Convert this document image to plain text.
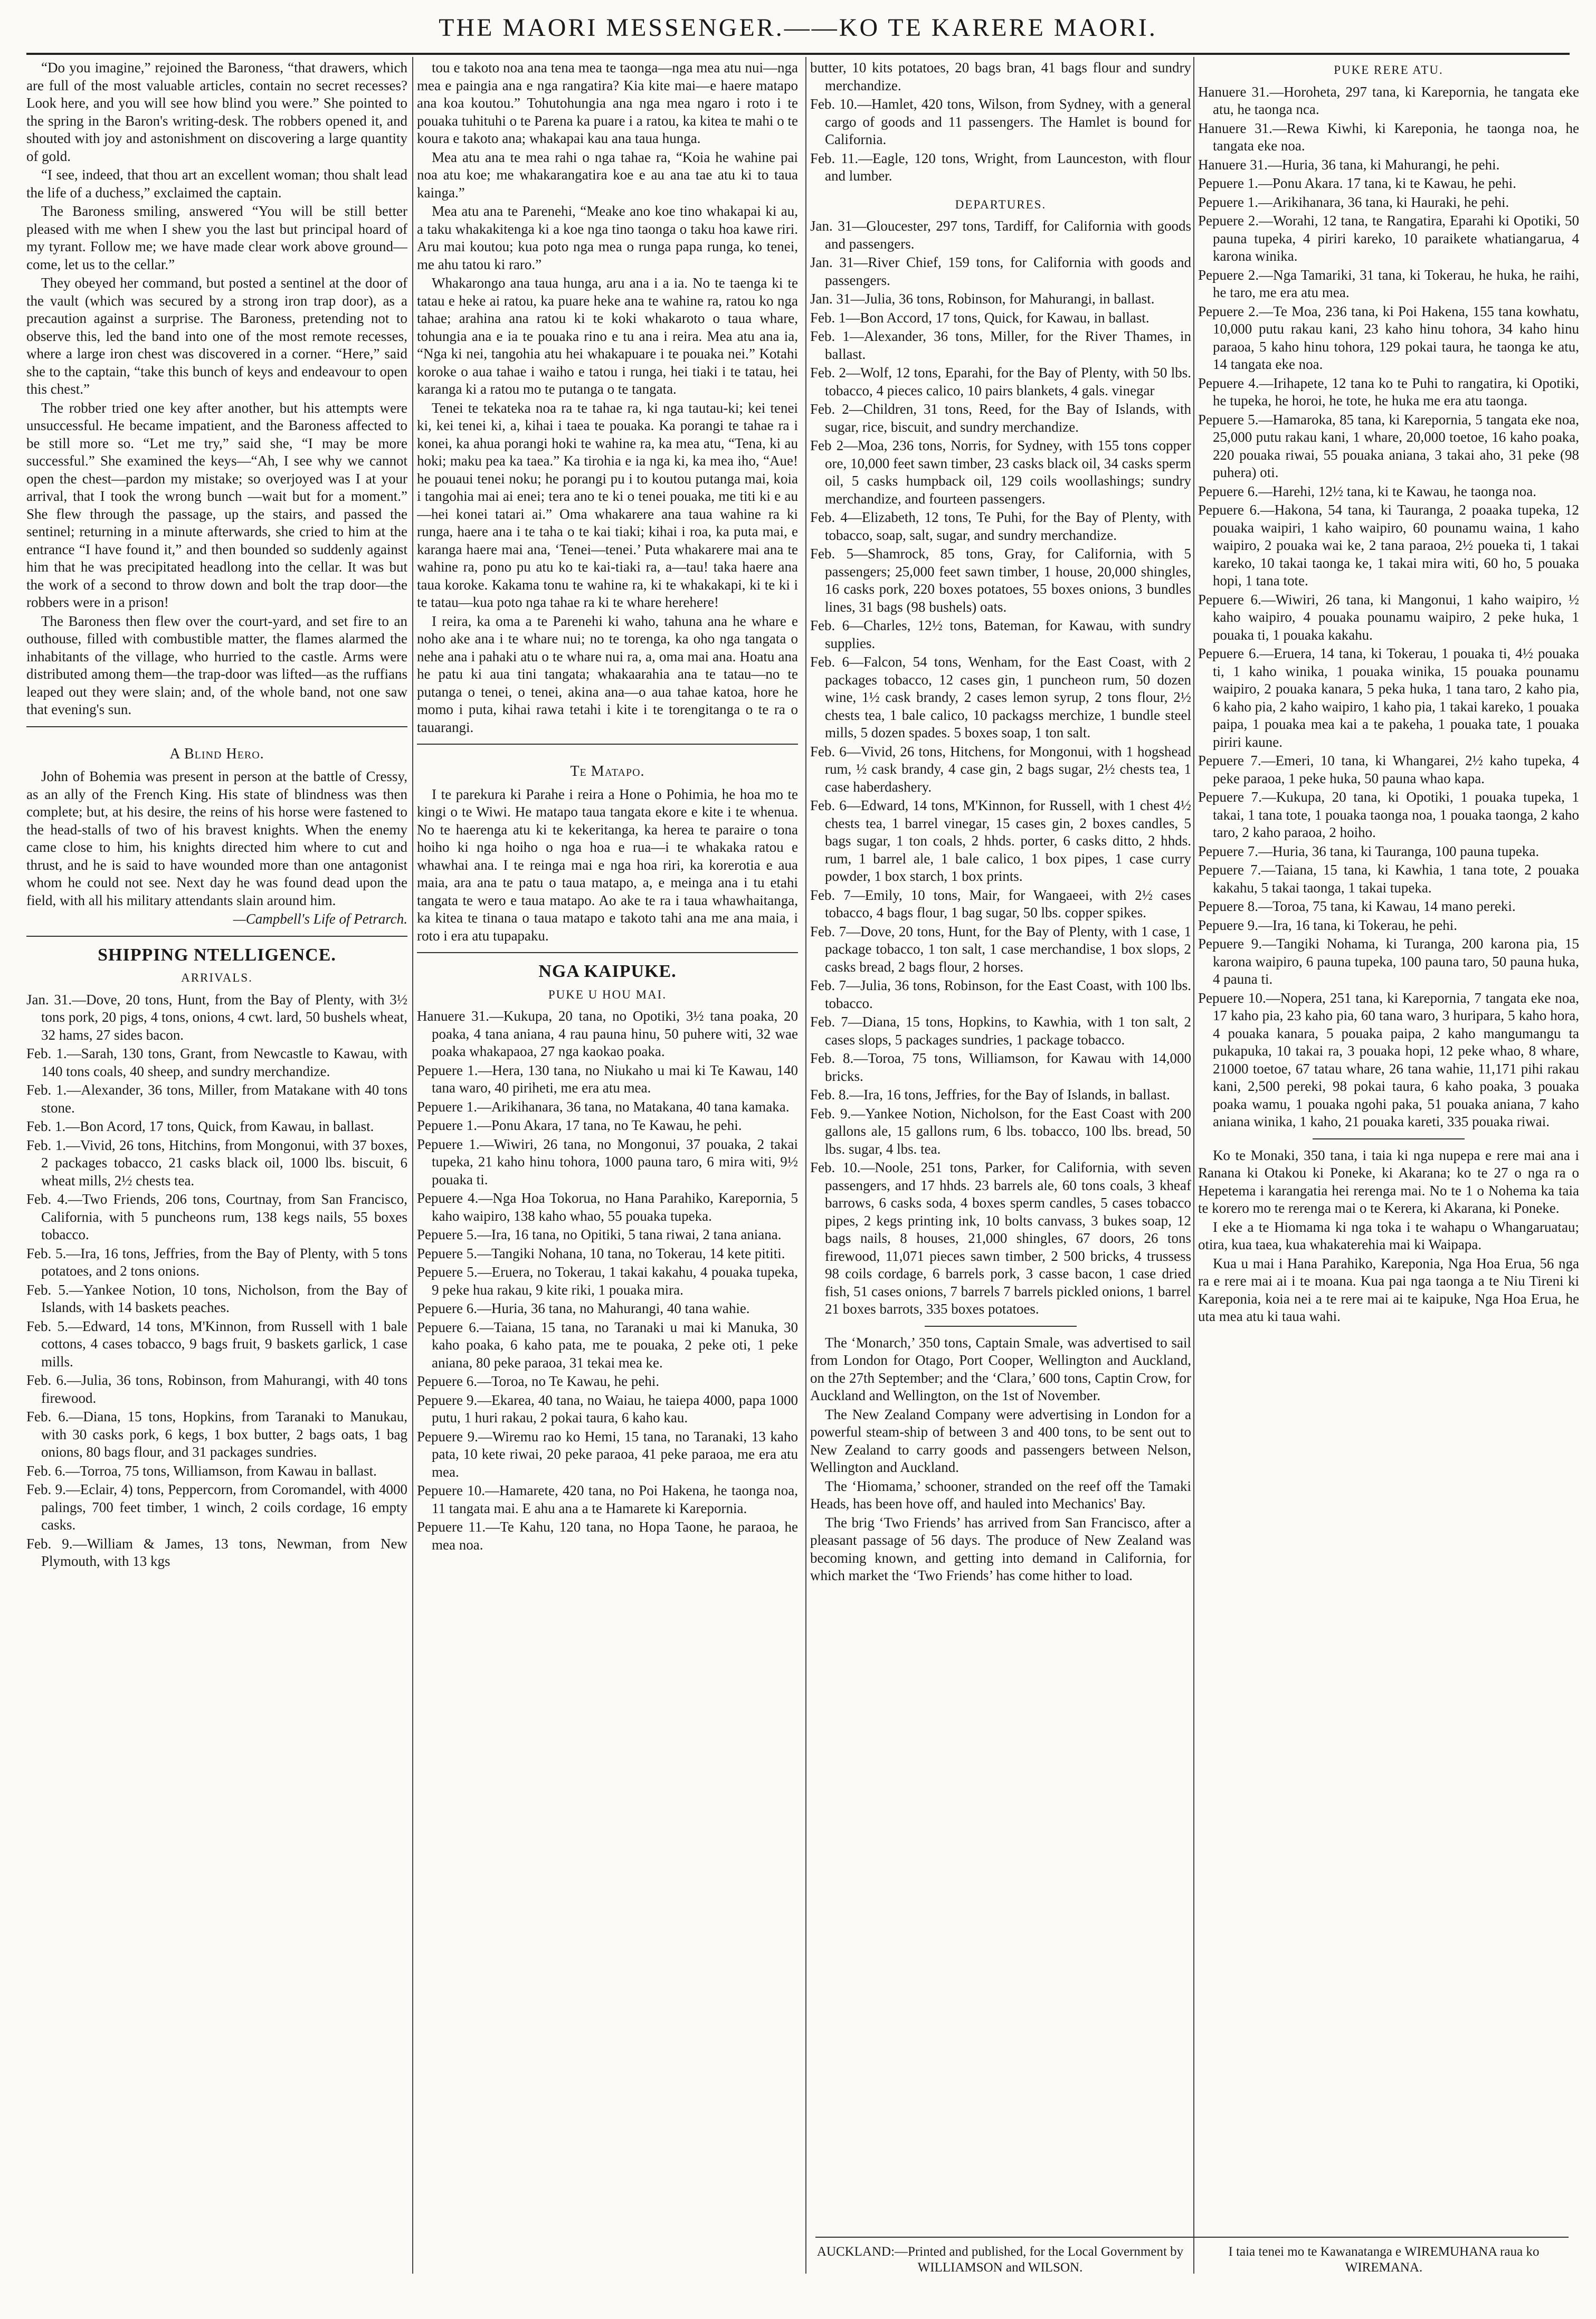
THE MAORI MESSENGER.——KO TE KARERE MAORI.

“Do you imagine,” rejoined the Baroness, “that drawers, which are full of the most valuable articles, contain no secret recesses? Look here, and you will see how blind you were.” She pointed to the spring in the Baron's writing-desk. The robbers opened it, and shouted with joy and astonishment on discovering a large quantity of gold.

“I see, indeed, that thou art an excellent woman; thou shalt lead the life of a duchess,” exclaimed the captain.

The Baroness smiling, answered “You will be still better pleased with me when I shew you the last but principal hoard of my tyrant. Follow me; we have made clear work above ground—come, let us to the cellar.”

They obeyed her command, but posted a sentinel at the door of the vault (which was secured by a strong iron trap door), as a precaution against a surprise. The Baroness, pretending not to observe this, led the band into one of the most remote recesses, where a large iron chest was discovered in a corner. “Here,” said she to the captain, “take this bunch of keys and endeavour to open this chest.”

The robber tried one key after another, but his attempts were unsuccessful. He became impatient, and the Baroness affected to be still more so. “Let me try,” said she, “I may be more successful.” She examined the keys—“Ah, I see why we cannot open the chest—pardon my mistake; so overjoyed was I at your arrival, that I took the wrong bunch —wait but for a moment.” She flew through the passage, up the stairs, and passed the sentinel; returning in a minute afterwards, she cried to him at the entrance “I have found it,” and then bounded so suddenly against him that he was precipitated headlong into the cellar. It was but the work of a second to throw down and bolt the trap door—the robbers were in a prison!

The Baroness then flew over the court-yard, and set fire to an outhouse, filled with combustible matter, the flames alarmed the inhabitants of the village, who hurried to the castle. Arms were distributed among them—the trap-door was lifted—as the ruffians leaped out they were slain; and, of the whole band, not one saw that evening's sun.

A Blind Hero.

John of Bohemia was present in person at the battle of Cressy, as an ally of the French King. His state of blindness was then complete; but, at his desire, the reins of his horse were fastened to the head-stalls of two of his bravest knights. When the enemy came close to him, his knights directed him where to cut and thrust, and he is said to have wounded more than one antagonist whom he could not see. Next day he was found dead upon the field, with all his military attendants slain around him.

—Campbell's Life of Petrarch.
SHIPPING NTELLIGENCE.
ARRIVALS.

Jan. 31.—Dove, 20 tons, Hunt, from the Bay of Plenty, with 3½ tons pork, 20 pigs, 4 tons, onions, 4 cwt. lard, 50 bushels wheat, 32 hams, 27 sides bacon.

Feb. 1.—Sarah, 130 tons, Grant, from Newcastle to Kawau, with 140 tons coals, 40 sheep, and sundry merchandize.

Feb. 1.—Alexander, 36 tons, Miller, from Matakane with 40 tons stone.

Feb. 1.—Bon Acord, 17 tons, Quick, from Kawau, in ballast.

Feb. 1.—Vivid, 26 tons, Hitchins, from Mongonui, with 37 boxes, 2 packages tobacco, 21 casks black oil, 1000 lbs. biscuit, 6 wheat mills, 2½ chests tea.

Feb. 4.—Two Friends, 206 tons, Courtnay, from San Francisco, California, with 5 puncheons rum, 138 kegs nails, 55 boxes tobacco.

Feb. 5.—Ira, 16 tons, Jeffries, from the Bay of Plenty, with 5 tons potatoes, and 2 tons onions.

Feb. 5.—Yankee Notion, 10 tons, Nicholson, from the Bay of Islands, with 14 baskets peaches.

Feb. 5.—Edward, 14 tons, M'Kinnon, from Russell with 1 bale cottons, 4 cases tobacco, 9 bags fruit, 9 baskets garlick, 1 case mills.

Feb. 6.—Julia, 36 tons, Robinson, from Mahurangi, with 40 tons firewood.

Feb. 6.—Diana, 15 tons, Hopkins, from Taranaki to Manukau, with 30 casks pork, 6 kegs, 1 box butter, 2 bags oats, 1 bag onions, 80 bags flour, and 31 packages sundries.

Feb. 6.—Torroa, 75 tons, Williamson, from Kawau in ballast.

Feb. 9.—Eclair, 4) tons, Peppercorn, from Coromandel, with 4000 palings, 700 feet timber, 1 winch, 2 coils cordage, 16 empty casks.

Feb. 9.—William & James, 13 tons, Newman, from New Plymouth, with 13 kgs

tou e takoto noa ana tena mea te taonga—nga mea atu nui—nga mea e paingia ana e nga rangatira? Kia kite mai—e haere matapo ana koa koutou.” Tohutohungia ana nga mea ngaro i roto i te pouaka tuhituhi o te Parena ka puare i a ratou, ka kitea te mahi o te koura e takoto ana; whakapai kau ana taua hunga.

Mea atu ana te mea rahi o nga tahae ra, “Koia he wahine pai noa atu koe; me whakarangatira koe e au ana tae atu ki to taua kainga.”

Mea atu ana te Parenehi, “Meake ano koe tino whakapai ki au, a taku whakakitenga ki a koe nga tino taonga o taku hoa kawe riri. Aru mai koutou; kua poto nga mea o runga papa runga, ko tenei, me ahu tatou ki raro.”

Whakarongo ana taua hunga, aru ana i a ia. No te taenga ki te tatau e heke ai ratou, ka puare heke ana te wahine ra, ratou ko nga tahae; arahina ana ratou ki te koki whakaroto o taua whare, tohungia ana e ia te pouaka rino e tu ana i reira. Mea atu ana ia, “Nga ki nei, tangohia atu hei whakapuare i te pouaka nei.” Kotahi koroke o aua tahae i waiho e tatou i runga, hei tiaki i te tatau, hei karanga ki a ratou mo te putanga o te tangata.

Tenei te tekateka noa ra te tahae ra, ki nga tautau-ki; kei tenei ki, kei tenei ki, a, kihai i taea te pouaka. Ka porangi te tahae ra i konei, ka ahua porangi hoki te wahine ra, ka mea atu, “Tena, ki au hoki; maku pea ka taea.” Ka tirohia e ia nga ki, ka mea iho, “Aue! he pouaui tenei noku; he porangi pu i to koutou putanga mai, koia i tangohia mai ai enei; tera ano te ki o tenei pouaka, me titi ki e au—hei konei tatari ai.” Oma whakarere ana taua wahine ra ki runga, haere ana i te taha o te kai tiaki; kihai i roa, ka puta mai, e karanga haere mai ana, ‘Tenei—tenei.’ Puta whakarere mai ana te wahine ra, pono pu atu ko te kai-tiaki ra, a—tau! taka haere ana taua koroke. Kakama tonu te wahine ra, ki te whakakapi, ki te ki i te tatau—kua poto nga tahae ra ki te whare herehere!

I reira, ka oma a te Parenehi ki waho, tahuna ana he whare e noho ake ana i te whare nui; no te torenga, ka oho nga tangata o nehe ana i pahaki atu o te whare nui ra, a, oma mai ana. Hoatu ana he patu ki aua tini tangata; whakaarahia ana te tatau—no te putanga o tenei, o tenei, akina ana—o aua tahae katoa, hore he momo i puta, kihai rawa tetahi i kite i te torengitanga o te ra o tauarangi.

Te Matapo.

I te parekura ki Parahe i reira a Hone o Pohimia, he hoa mo te kingi o te Wiwi. He matapo taua tangata ekore e kite i te whenua. No te haerenga atu ki te kekeritanga, ka herea te paraire o tona hoiho ki nga hoiho o nga hoa e rua—i te whakaka ratou e whawhai ana. I te reinga mai e nga hoa riri, ka korerotia e aua maia, ara ana te patu o taua matapo, a, e meinga ana i tu etahi tangata te wero e taua matapo. Ao ake te ra i taua whawhaitanga, ka kitea te tinana o taua matapo e takoto tahi ana me ana maia, i roto i era atu tupapaku.

NGA KAIPUKE.
PUKE U HOU MAI.

Hanuere 31.—Kukupa, 20 tana, no Opotiki, 3½ tana poaka, 20 poaka, 4 tana aniana, 4 rau pauna hinu, 50 puhere witi, 32 wae poaka whakapaoa, 27 nga kaokao poaka.

Pepuere 1.—Hera, 130 tana, no Niukaho u mai ki Te Kawau, 140 tana waro, 40 piriheti, me era atu mea.

Pepuere 1.—Arikihanara, 36 tana, no Matakana, 40 tana kamaka.

Pepuere 1.—Ponu Akara, 17 tana, no Te Kawau, he pehi.

Pepuere 1.—Wiwiri, 26 tana, no Mongonui, 37 pouaka, 2 takai tupeka, 21 kaho hinu tohora, 1000 pauna taro, 6 mira witi, 9½ pouaka ti.

Pepuere 4.—Nga Hoa Tokorua, no Hana Parahiko, Karepornia, 5 kaho waipiro, 138 kaho whao, 55 pouaka tupeka.

Pepuere 5.—Ira, 16 tana, no Opitiki, 5 tana riwai, 2 tana aniana.

Pepuere 5.—Tangiki Nohana, 10 tana, no Tokerau, 14 kete pititi.

Pepuere 5.—Eruera, no Tokerau, 1 takai kakahu, 4 pouaka tupeka, 9 peke hua rakau, 9 kite riki, 1 pouaka mira.

Pepuere 6.—Huria, 36 tana, no Mahurangi, 40 tana wahie.

Pepuere 6.—Taiana, 15 tana, no Taranaki u mai ki Manuka, 30 kaho poaka, 6 kaho pata, me te pouaka, 2 peke oti, 1 peke aniana, 80 peke paraoa, 31 tekai mea ke.

Pepuere 6.—Toroa, no Te Kawau, he pehi.

Pepuere 9.—Ekarea, 40 tana, no Waiau, he taiepa 4000, papa 1000 putu, 1 huri rakau, 2 pokai taura, 6 kaho kau.

Pepuere 9.—Wiremu rao ko Hemi, 15 tana, no Taranaki, 13 kaho pata, 10 kete riwai, 20 peke paraoa, 41 peke paraoa, me era atu mea.

Pepuere 10.—Hamarete, 420 tana, no Poi Hakena, he taonga noa, 11 tangata mai. E ahu ana a te Hamarete ki Karepornia.

Pepuere 11.—Te Kahu, 120 tana, no Hopa Taone, he paraoa, he mea noa.

butter, 10 kits potatoes, 20 bags bran, 41 bags flour and sundry merchandize.

Feb. 10.—Hamlet, 420 tons, Wilson, from Sydney, with a general cargo of goods and 11 passengers. The Hamlet is bound for California.

Feb. 11.—Eagle, 120 tons, Wright, from Launceston, with flour and lumber.

DEPARTURES.

Jan. 31—Gloucester, 297 tons, Tardiff, for California with goods and passengers.

Jan. 31—River Chief, 159 tons, for California with goods and passengers.

Jan. 31—Julia, 36 tons, Robinson, for Mahurangi, in ballast.

Feb. 1—Bon Accord, 17 tons, Quick, for Kawau, in ballast.

Feb. 1—Alexander, 36 tons, Miller, for the River Thames, in ballast.

Feb. 2—Wolf, 12 tons, Eparahi, for the Bay of Plenty, with 50 lbs. tobacco, 4 pieces calico, 10 pairs blankets, 4 gals. vinegar

Feb. 2—Children, 31 tons, Reed, for the Bay of Islands, with sugar, rice, biscuit, and sundry merchandize.

Feb 2—Moa, 236 tons, Norris, for Sydney, with 155 tons copper ore, 10,000 feet sawn timber, 23 casks black oil, 34 casks sperm oil, 5 casks humpback oil, 129 coils woollashings; sundry merchandize, and fourteen passengers.

Feb. 4—Elizabeth, 12 tons, Te Puhi, for the Bay of Plenty, with tobacco, soap, salt, sugar, and sundry merchandize.

Feb. 5—Shamrock, 85 tons, Gray, for California, with 5 passengers; 25,000 feet sawn timber, 1 house, 20,000 shingles, 16 casks pork, 220 boxes potatoes, 55 boxes onions, 3 bundles lines, 31 bags (98 bushels) oats.

Feb. 6—Charles, 12½ tons, Bateman, for Kawau, with sundry supplies.

Feb. 6—Falcon, 54 tons, Wenham, for the East Coast, with 2 packages tobacco, 12 cases gin, 1 puncheon rum, 50 dozen wine, 1½ cask brandy, 2 cases lemon syrup, 2 tons flour, 2½ chests tea, 1 bale calico, 10 packagss merchize, 1 bundle steel mills, 5 dozen spades. 5 boxes soap, 1 ton salt.

Feb. 6—Vivid, 26 tons, Hitchens, for Mongonui, with 1 hogshead rum, ½ cask brandy, 4 case gin, 2 bags sugar, 2½ chests tea, 1 case haberdashery.

Feb. 6—Edward, 14 tons, M'Kinnon, for Russell, with 1 chest 4½ chests tea, 1 barrel vinegar, 15 cases gin, 2 boxes candles, 5 bags sugar, 1 ton coals, 2 hhds. porter, 6 casks ditto, 2 hhds. rum, 1 barrel ale, 1 bale calico, 1 box pipes, 1 case curry powder, 1 box starch, 1 box prints.

Feb. 7—Emily, 10 tons, Mair, for Wangaeei, with 2½ cases tobacco, 4 bags flour, 1 bag sugar, 50 lbs. copper spikes.

Feb. 7—Dove, 20 tons, Hunt, for the Bay of Plenty, with 1 case, 1 package tobacco, 1 ton salt, 1 case merchandise, 1 box slops, 2 casks bread, 2 bags flour, 2 horses.

Feb. 7—Julia, 36 tons, Robinson, for the East Coast, with 100 lbs. tobacco.

Feb. 7—Diana, 15 tons, Hopkins, to Kawhia, with 1 ton salt, 2 cases slops, 5 packages sundries, 1 package tobacco.

Feb. 8.—Toroa, 75 tons, Williamson, for Kawau with 14,000 bricks.

Feb. 8.—Ira, 16 tons, Jeffries, for the Bay of Islands, in ballast.

Feb. 9.—Yankee Notion, Nicholson, for the East Coast with 200 gallons ale, 15 gallons rum, 6 lbs. tobacco, 100 lbs. bread, 50 lbs. sugar, 4 lbs. tea.

Feb. 10.—Noole, 251 tons, Parker, for California, with seven passengers, and 17 hhds. 23 barrels ale, 60 tons coals, 3 kheaf barrows, 6 casks soda, 4 boxes sperm candles, 5 cases tobacco pipes, 2 kegs printing ink, 10 bolts canvass, 3 bukes soap, 12 bags nails, 8 houses, 21,000 shingles, 67 doors, 26 tons firewood, 11,071 pieces sawn timber, 2 500 bricks, 4 trussess 98 coils cordage, 6 barrels pork, 3 casse bacon, 1 case dried fish, 51 cases onions, 7 barrels 7 barrels pickled onions, 1 barrel 21 boxes barrots, 335 boxes potatoes.

The ‘Monarch,’ 350 tons, Captain Smale, was advertised to sail from London for Otago, Port Cooper, Wellington and Auckland, on the 27th September; and the ‘Clara,’ 600 tons, Captin Crow, for Auckland and Wellington, on the 1st of November.

The New Zealand Company were advertising in London for a powerful steam-ship of between 3 and 400 tons, to be sent out to New Zealand to carry goods and passengers between Nelson, Wellington and Auckland.

The ‘Hiomama,’ schooner, stranded on the reef off the Tamaki Heads, has been hove off, and hauled into Mechanics' Bay.

The brig ‘Two Friends’ has arrived from San Francisco, after a pleasant passage of 56 days. The produce of New Zealand was becoming known, and getting into demand in California, for which market the ‘Two Friends’ has come hither to load.

PUKE RERE ATU.

Hanuere 31.—Horoheta, 297 tana, ki Karepornia, he tangata eke atu, he taonga nca.

Hanuere 31.—Rewa Kiwhi, ki Kareponia, he taonga noa, he tangata eke noa.

Hanuere 31.—Huria, 36 tana, ki Mahurangi, he pehi.

Pepuere 1.—Ponu Akara. 17 tana, ki te Kawau, he pehi.

Pepuere 1.—Arikihanara, 36 tana, ki Hauraki, he pehi.

Pepuere 2.—Worahi, 12 tana, te Rangatira, Eparahi ki Opotiki, 50 pauna tupeka, 4 piriri kareko, 10 paraikete whatiangarua, 4 karona winika.

Pepuere 2.—Nga Tamariki, 31 tana, ki Tokerau, he huka, he raihi, he taro, me era atu mea.

Pepuere 2.—Te Moa, 236 tana, ki Poi Hakena, 155 tana kowhatu, 10,000 putu rakau kani, 23 kaho hinu tohora, 34 kaho hinu paraoa, 5 kaho hinu tohora, 129 pokai taura, he taonga ke atu, 14 tangata eke noa.

Pepuere 4.—Irihapete, 12 tana ko te Puhi to rangatira, ki Opotiki, he tupeka, he horoi, he tote, he huka me era atu taonga.

Pepuere 5.—Hamaroka, 85 tana, ki Karepornia, 5 tangata eke noa, 25,000 putu rakau kani, 1 whare, 20,000 toetoe, 16 kaho poaka, 220 pouaka riwai, 55 pouaka aniana, 3 takai aho, 31 peke (98 puhera) oti.

Pepuere 6.—Harehi, 12½ tana, ki te Kawau, he taonga noa.

Pepuere 6.—Hakona, 54 tana, ki Tauranga, 2 poaaka tupeka, 12 pouaka waipiri, 1 kaho waipiro, 60 pounamu waina, 1 kaho waipiro, 2 pouaka wai ke, 2 tana paraoa, 2½ poueka ti, 1 takai kareko, 10 takai taonga ke, 1 takai mira witi, 60 ho, 5 pouaka hopi, 1 tana tote.

Pepuere 6.—Wiwiri, 26 tana, ki Mangonui, 1 kaho waipiro, ½ kaho waipiro, 4 pouaka pounamu waipiro, 2 peke huka, 1 pouaka ti, 1 pouaka kakahu.

Pepuere 6.—Eruera, 14 tana, ki Tokerau, 1 pouaka ti, 4½ pouaka ti, 1 kaho winika, 1 pouaka winika, 15 pouaka pounamu waipiro, 2 pouaka kanara, 5 peka huka, 1 tana taro, 2 kaho pia, 6 kaho pia, 2 kaho waipiro, 1 kaho pia, 1 takai kareko, 1 pouaka paipa, 1 pouaka mea kai a te pakeha, 1 pouaka tate, 1 pouaka piriri kaune.

Pepuere 7.—Emeri, 10 tana, ki Whangarei, 2½ kaho tupeka, 4 peke paraoa, 1 peke huka, 50 pauna whao kapa.

Pepuere 7.—Kukupa, 20 tana, ki Opotiki, 1 pouaka tupeka, 1 takai, 1 tana tote, 1 pouaka taonga noa, 1 pouaka taonga, 2 kaho taro, 2 kaho paraoa, 2 hoiho.

Pepuere 7.—Huria, 36 tana, ki Tauranga, 100 pauna tupeka.

Pepuere 7.—Taiana, 15 tana, ki Kawhia, 1 tana tote, 2 pouaka kakahu, 5 takai taonga, 1 takai tupeka.

Pepuere 8.—Toroa, 75 tana, ki Kawau, 14 mano pereki.

Pepuere 9.—Ira, 16 tana, ki Tokerau, he pehi.

Pepuere 9.—Tangiki Nohama, ki Turanga, 200 karona pia, 15 karona waipiro, 6 pauna tupeka, 100 pauna taro, 50 pauna huka, 4 pauna ti.

Pepuere 10.—Nopera, 251 tana, ki Karepornia, 7 tangata eke noa, 17 kaho pia, 23 kaho pia, 60 tana waro, 3 huripara, 5 kaho hora, 4 pouaka kanara, 5 pouaka paipa, 2 kaho mangumangu ta pukapuka, 10 takai ra, 3 pouaka hopi, 12 peke whao, 8 whare, 21000 toetoe, 67 tatau whare, 26 tana wahie, 11,171 pihi rakau kani, 2,500 pereki, 98 pokai taura, 6 kaho poaka, 3 pouaka poaka wamu, 1 pouaka ngohi paka, 51 pouaka aniana, 7 kaho aniana winika, 1 kaho, 21 pouaka kareti, 335 pouaka riwai.

Ko te Monaki, 350 tana, i taia ki nga nupepa e rere mai ana i Ranana ki Otakou ki Poneke, ki Akarana; ko te 27 o nga ra o Hepetema i karangatia hei rerenga mai. No te 1 o Nohema ka taia te korero mo te rerenga mai o te Kerera, ki Akarana, ki Poneke.

I eke a te Hiomama ki nga toka i te wahapu o Whangaruatau; otira, kua taea, kua whakaterehia mai ki Waipapa.

Kua u mai i Hana Parahiko, Kareponia, Nga Hoa Erua, 56 nga ra e rere mai ai i te moana. Kua pai nga taonga a te Niu Tireni ki Kareponia, koia nei a te rere mai ai te kaipuke, Nga Hoa Erua, he uta mea atu ki taua wahi.

AUCKLAND:—Printed and published, for the Local Government by WILLIAMSON and WILSON.
I taia tenei mo te Kawanatanga e WIREMUHANA raua ko WIREMANA.
